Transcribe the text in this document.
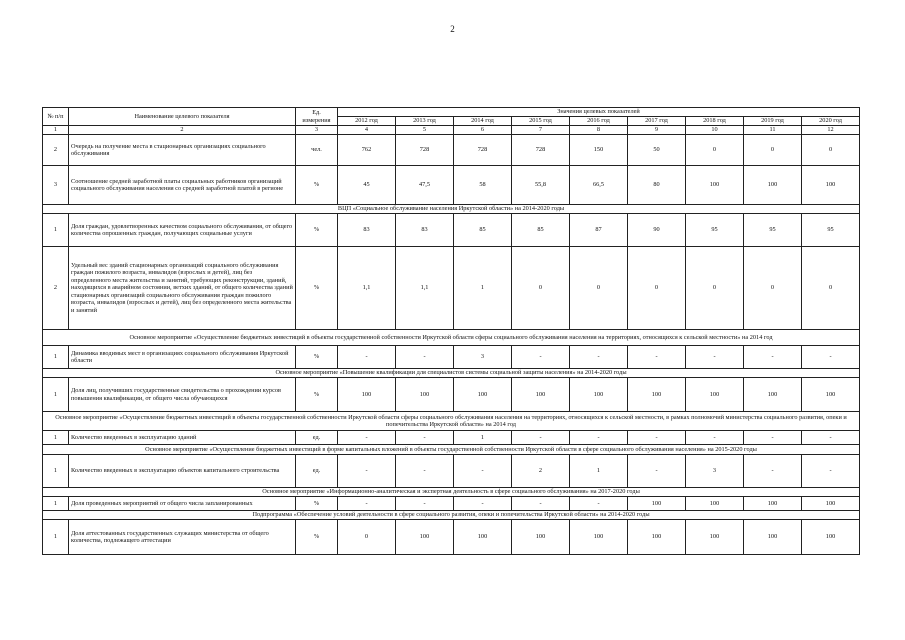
2
№ п/п	Наименование целевого показателя	Ед. измерения	Значения целевых показателей								
			2012 год	2013 год	2014 год	2015 год	2016 год	2017 год	2018 год	2019 год	2020 год
1	2	3	4	5	6	7	8	9	10	11	12
2	Очередь на получение места в стационарных организациях социального обслуживания	чел.	762	728	728	728	150	50	0	0	0
3	Соотношение средней заработной платы социальных работников организаций социального обслуживания населения со средней заработной платой в регионе	%	45	47,5	58	55,8	66,5	80	100	100	100
ВЦП «Социальное обслуживание населения Иркутской области» на 2014-2020 годы											
1	Доля граждан, удовлетворенных качеством социального обслуживания, от общего количества опрошенных граждан, получающих социальные услуги	%	83	83	85	85	87	90	95	95	95
2	Удельный вес зданий стационарных организаций социального обслуживания граждан пожилого возраста, инвалидов (взрослых и детей), лиц без определенного места жительства и занятий, требующих реконструкции, зданий, находящихся в аварийном состоянии, ветхих зданий, от общего количества зданий стационарных организаций социального обслуживания граждан пожилого возраста, инвалидов (взрослых и детей), лиц без определенного места жительства и занятий	%	1,1	1,1	1	0	0	0	0	0	0
Основное мероприятие «Осуществление бюджетных инвестиций в объекты государственной собственности Иркутской области сферы социального обслуживания населения на территориях, относящихся к сельской местности» на 2014 год											
1	Динамика вводимых мест в организациях социального обслуживания Иркутской области	%	-	-	3	-	-	-	-	-	-
Основное мероприятие «Повышение квалификации для специалистов системы социальной защиты населения» на 2014-2020 годы											
1	Доля лиц, получивших государственные свидетельства о прохождении курсов повышения квалификации, от общего числа обучающихся	%	100	100	100	100	100	100	100	100	100
Основное мероприятие «Осуществление бюджетных инвестиций в объекты государственной собственности Иркутской области сферы социального обслуживания населения на территориях, относящихся к сельской местности, в рамках полномочий министерства социального развития, опеки и попечительства Иркутской области» на 2014 год											
1	Количество введенных в эксплуатацию зданий	ед.	-	-	1	-	-	-	-	-	-
Основное мероприятие «Осуществление бюджетных инвестиций в форме капитальных вложений в объекты государственной собственности Иркутской области в сфере социального обслуживания населения» на 2015-2020 годы											
1	Количество введенных в эксплуатацию объектов капитального строительства	ед.	-	-	-	2	1	-	3	-	-
Основное мероприятие «Информационно-аналитическая и экспертная деятельность в сфере социального обслуживания» на 2017-2020 годы											
1	Доля проведенных мероприятий от общего числа запланированных	%	-	-	-	-	-	100	100	100	100
Подпрограмма «Обеспечение условий деятельности в сфере социального развития, опеки и попечительства Иркутской области» на 2014-2020 годы											
1	Доля аттестованных государственных служащих министерства от общего количества, подлежащего аттестации	%	0	100	100	100	100	100	100	100	100
